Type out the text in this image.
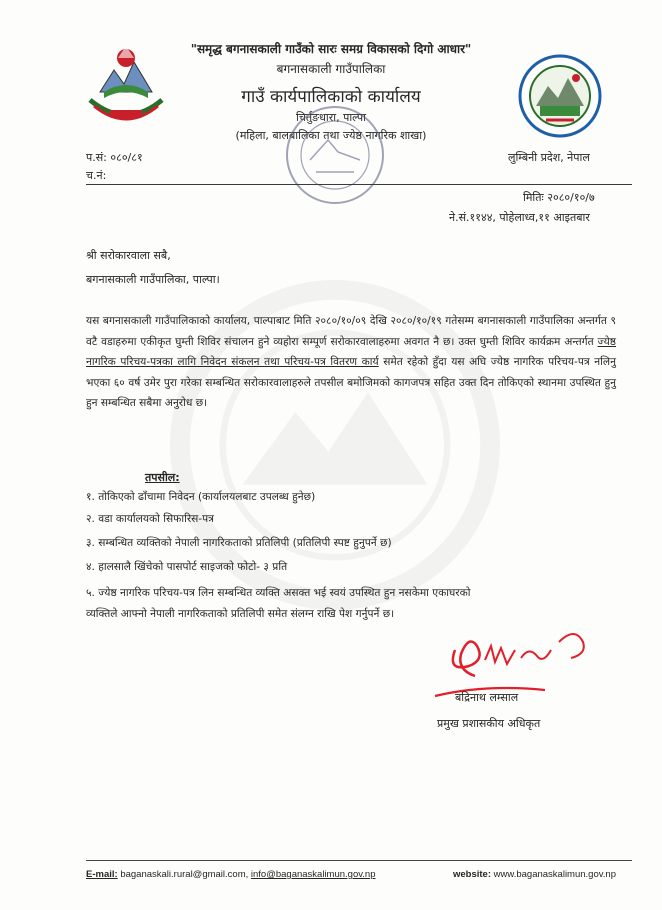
"समृद्ध बगनासकाली गाउँको सारः समग्र विकासको दिगो आधार"
बगनासकाली गाउँपालिका
गाउँ कार्यपालिकाको कार्यालय
चिर्तुङधारा, पाल्पा
(महिला, बालबालिका तथा ज्येष्ठ नागरिक शाखा)
प.सं: ०८०/८१
च.नं:
लुम्बिनी प्रदेश, नेपाल
मितिः २०८०/१०/७
ने.सं.११४४, पोहेलाध्व,११ आइतबार
श्री सरोकारवाला सबै,
बगनासकाली गाउँपालिका, पाल्पा।
यस बगनासकाली गाउँपालिकाको कार्यालय, पाल्पाबाट मिति २०८०/१०/०९ देखि २०८०/१०/१९ गतेसम्म बगनासकाली गाउँपालिका अन्तर्गत ९ वटै वडाहरुमा एकीकृत घुम्ती शिविर संचालन हुने व्यहोरा सम्पूर्ण सरोकारवालाहरुमा अवगत नै छ। उक्त घुम्ती शिविर कार्यक्रम अन्तर्गत ज्येष्ठ नागरिक परिचय-पत्रका लागि निवेदन संकलन तथा परिचय-पत्र वितरण कार्य समेत रहेको हुँदा यस अघि ज्येष्ठ नागरिक परिचय-पत्र नलिनु भएका ६० वर्ष उमेर पुरा गरेका सम्बन्धित सरोकारवालाहरुले तपसील बमोजिमको कागजपत्र सहित उक्त दिन तोकिएको स्थानमा उपस्थित हुनु हुन सम्बन्धित सबैमा अनुरोध छ।
तपसील:
१. तोकिएको ढाँचामा निवेदन (कार्यालयलबाट उपलब्ध हुनेछ)
२. वडा कार्यालयको सिफारिस-पत्र
३. सम्बन्धित व्यक्तिको नेपाली नागरिकताको प्रतिलिपी (प्रतिलिपी स्पष्ट हुनुपर्ने छ)
४. हालसालै खिंचेको पासपोर्ट साइजको फोटो- ३ प्रति
५. ज्येष्ठ नागरिक परिचय-पत्र लिन सम्बन्धित व्यक्ति असक्त भई स्वयं उपस्थित हुन नसकेमा एकाघरको
व्यक्तिले आफ्नो नेपाली नागरिकताको प्रतिलिपी समेत संलग्न राखि पेश गर्नुपर्ने छ।
बद्रिनाथ लम्साल
प्रमुख प्रशासकीय अधिकृत
E-mail: baganaskali.rural@gmail.com, info@baganaskalimun.gov.np	website: www.baganaskalimun.gov.np
